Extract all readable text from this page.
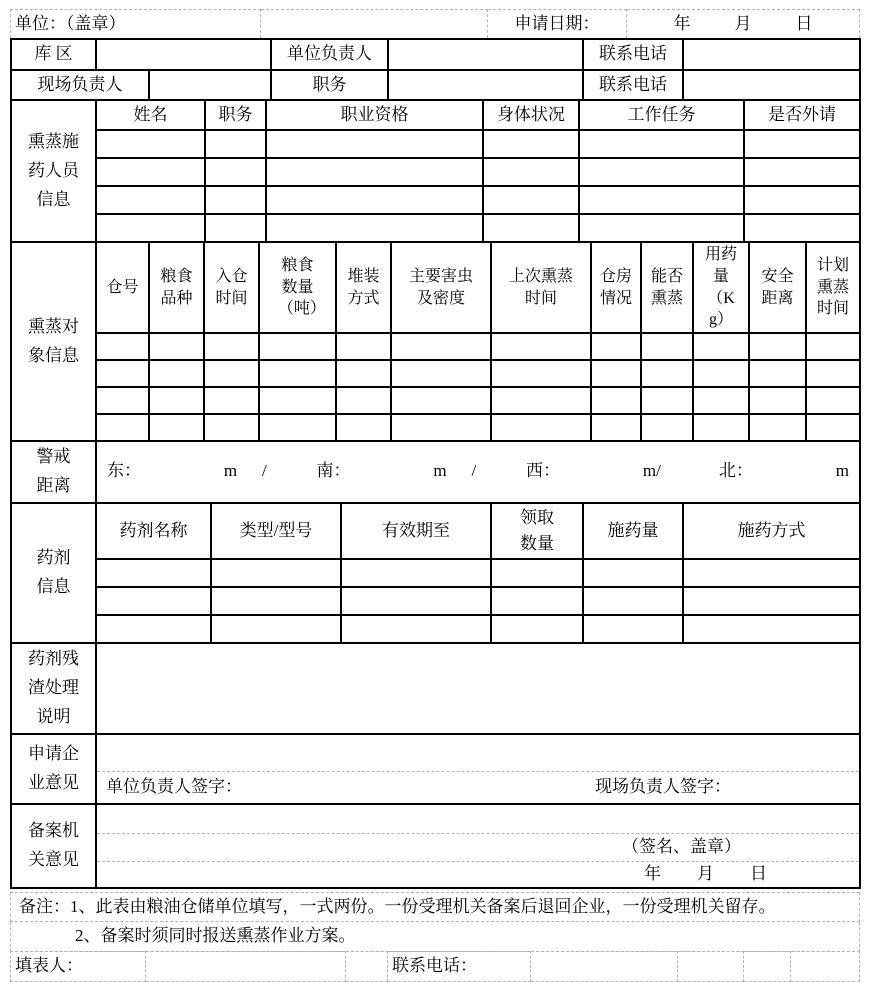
单位：（盖章）		申请日期：	年	月	日
库 区			单位负责人		联系电话	
现场负责人			职务		联系电话	
熏蒸施药人员信息	姓名	职务	职业资格	身体状况	工作任务	是否外请

熏蒸对象信息	仓号	粮食品种	入仓时间	粮食数量（吨）	堆装方式	主要害虫及密度	上次熏蒸时间	仓房情况	能否熏蒸	用药量（Kg）	安全距离	计划熏蒸时间

警戒距离	
东：	m /	南：	m /	西：	m/	北：	m
药剂信息	药剂名称	类型/型号	有效期至	领取数量	施药量	施药方式

药剂残渣处理说明	
申请企业意见	单位负责人签字：	现场负责人签字：
备案机关意见	
（签名、盖章）
年 月 日
备注：1、此表由粮油仓储单位填写，一式两份。一份受理机关备案后退回企业，一份受理机关留存。
2、备案时须同时报送熏蒸作业方案。
填表人：			联系电话：				
